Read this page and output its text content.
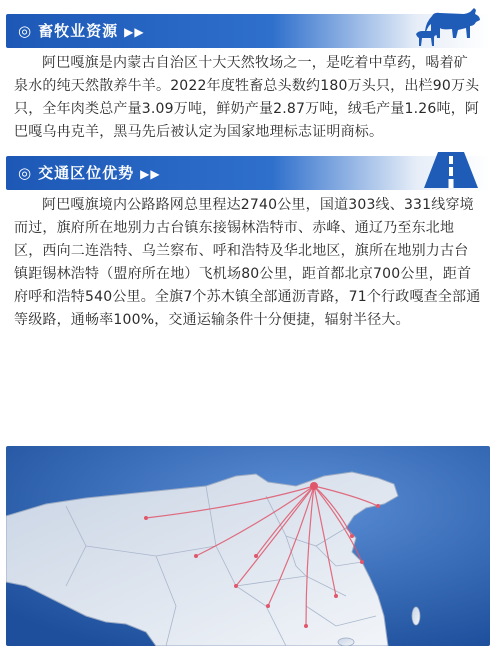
◎ 畜牧业资源 ▶▶

阿巴嘎旗是内蒙古自治区十大天然牧场之一，是吃着中草药，喝着矿泉水的纯天然散养牛羊。2022年度牲畜总头数约180万头只，出栏90万头只，全年肉类总产量3.09万吨，鲜奶产量2.87万吨，绒毛产量1.26吨，阿巴嘎乌冉克羊，黑马先后被认定为国家地理标志证明商标。

◎ 交通区位优势 ▶▶

阿巴嘎旗境内公路路网总里程达2740公里，国道303线、331线穿境而过，旗府所在地别力古台镇东接锡林浩特市、赤峰、通辽乃至东北地区，西向二连浩特、乌兰察布、呼和浩特及华北地区，旗所在地别力古台镇距锡林浩特（盟府所在地）飞机场80公里，距首都北京700公里，距首府呼和浩特540公里。全旗7个苏木镇全部通沥青路，71个行政嘎查全部通等级路，通畅率100%，交通运输条件十分便捷，辐射半径大。
